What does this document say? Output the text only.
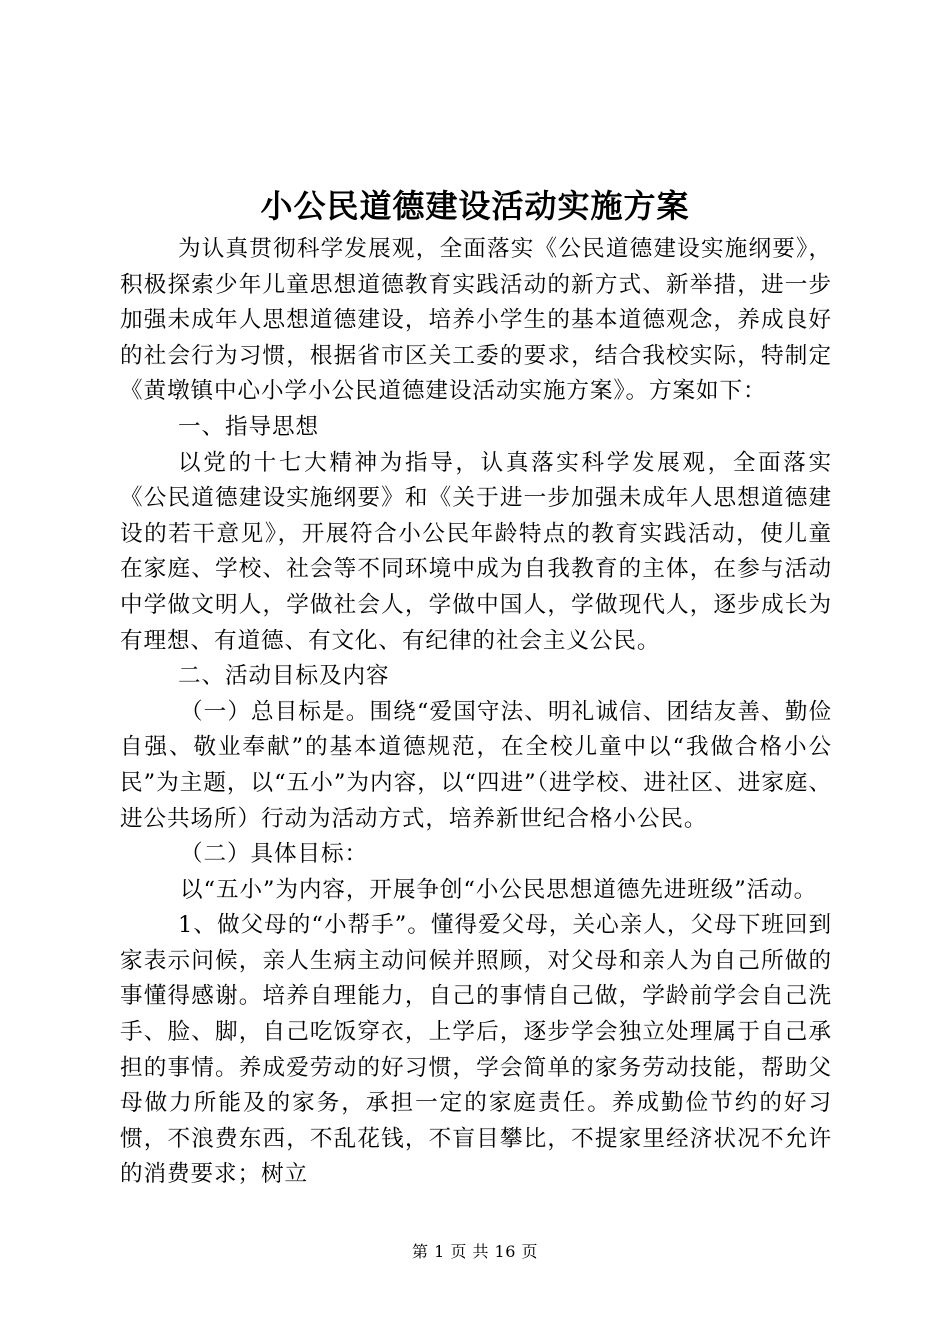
小公民道德建设活动实施方案

为认真贯彻科学发展观，全面落实《公民道德建设实施纲要》，积极探索少年儿童思想道德教育实践活动的新方式、新举措，进一步加强未成年人思想道德建设，培养小学生的基本道德观念，养成良好的社会行为习惯，根据省市区关工委的要求，结合我校实际，特制定《黄墩镇中心小学小公民道德建设活动实施方案》。方案如下：

一、指导思想

以党的十七大精神为指导，认真落实科学发展观，全面落实《公民道德建设实施纲要》和《关于进一步加强未成年人思想道德建设的若干意见》，开展符合小公民年龄特点的教育实践活动，使儿童在家庭、学校、社会等不同环境中成为自我教育的主体，在参与活动中学做文明人，学做社会人，学做中国人，学做现代人，逐步成长为有理想、有道德、有文化、有纪律的社会主义公民。

二、活动目标及内容

（一）总目标是。围绕“爱国守法、明礼诚信、团结友善、勤俭自强、敬业奉献”的基本道德规范，在全校儿童中以“我做合格小公民”为主题，以“五小”为内容，以“四进”（进学校、进社区、进家庭、进公共场所）行动为活动方式，培养新世纪合格小公民。

（二）具体目标：

以“五小”为内容，开展争创“小公民思想道德先进班级”活动。

1、做父母的“小帮手”。懂得爱父母，关心亲人，父母下班回到家表示问候，亲人生病主动问候并照顾，对父母和亲人为自己所做的事懂得感谢。培养自理能力，自己的事情自己做，学龄前学会自己洗手、脸、脚，自己吃饭穿衣，上学后，逐步学会独立处理属于自己承担的事情。养成爱劳动的好习惯，学会简单的家务劳动技能，帮助父母做力所能及的家务，承担一定的家庭责任。养成勤俭节约的好习惯，不浪费东西，不乱花钱，不盲目攀比，不提家里经济状况不允许的消费要求；树立

第 1 页 共 16 页
